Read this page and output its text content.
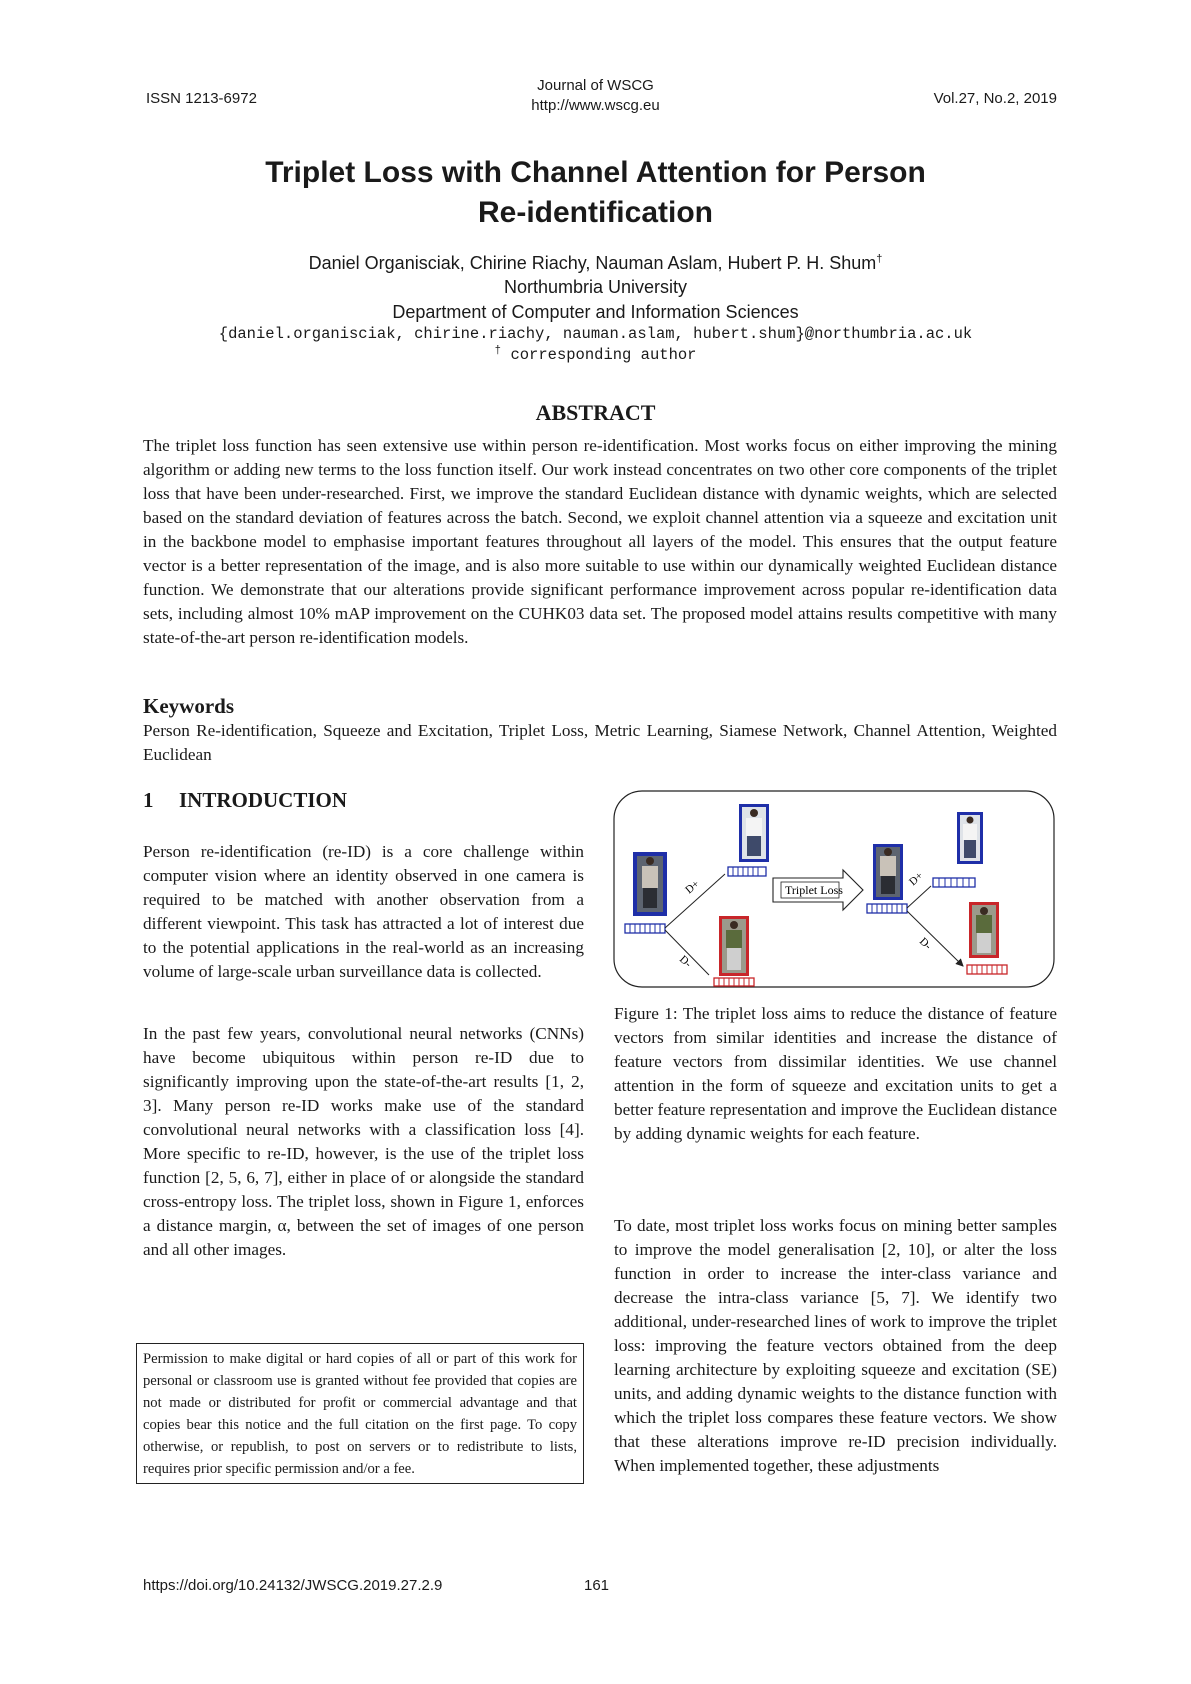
ISSN 1213-6972
Journal of WSCG
http://www.wscg.eu	Vol.27, No.2, 2019
Triplet Loss with Channel Attention for Person
Re-identification
Daniel Organisciak, Chirine Riachy, Nauman Aslam, Hubert P. H. Shum†
Northumbria University
Department of Computer and Information Sciences
{daniel.organisciak, chirine.riachy, nauman.aslam, hubert.shum}@northumbria.ac.uk
† corresponding author
ABSTRACT

The triplet loss function has seen extensive use within person re-identification. Most works focus on either improving the mining algorithm or adding new terms to the loss function itself. Our work instead concentrates on two other core components of the triplet loss that have been under-researched. First, we improve the standard Euclidean distance with dynamic weights, which are selected based on the standard deviation of features across the batch. Second, we exploit channel attention via a squeeze and excitation unit in the backbone model to emphasise important features throughout all layers of the model. This ensures that the output feature vector is a better representation of the image, and is also more suitable to use within our dynamically weighted Euclidean distance function. We demonstrate that our alterations provide significant performance improvement across popular re-identification data sets, including almost 10% mAP improvement on the CUHK03 data set. The proposed model attains results competitive with many state-of-the-art person re-identification models.

Keywords

Person Re-identification, Squeeze and Excitation, Triplet Loss, Metric Learning, Siamese Network, Channel Attention, Weighted Euclidean

1 INTRODUCTION

Person re-identification (re-ID) is a core challenge within computer vision where an identity observed in one camera is required to be matched with another observation from a different viewpoint. This task has attracted a lot of interest due to the potential applications in the real-world as an increasing volume of large-scale urban surveillance data is collected.

In the past few years, convolutional neural networks (CNNs) have become ubiquitous within person re-ID due to significantly improving upon the state-of-the-art results [1, 2, 3]. Many person re-ID works make use of the standard convolutional neural networks with a classification loss [4]. More specific to re-ID, however, is the use of the triplet loss function [2, 5, 6, 7], either in place of or alongside the standard cross-entropy loss. The triplet loss, shown in Figure 1, enforces a distance margin, α, between the set of images of one person and all other images.

Permission to make digital or hard copies of all or part of this work for personal or classroom use is granted without fee provided that copies are not made or distributed for profit or commercial advantage and that copies bear this notice and the full citation on the first page. To copy otherwise, or republish, to post on servers or to redistribute to lists, requires prior specific permission and/or a fee.
D+
D-
Triplet Loss
D+
D-

Figure 1: The triplet loss aims to reduce the distance of feature vectors from similar identities and increase the distance of feature vectors from dissimilar identities. We use channel attention in the form of squeeze and excitation units to get a better feature representation and improve the Euclidean distance by adding dynamic weights for each feature.

To date, most triplet loss works focus on mining better samples to improve the model generalisation [2, 10], or alter the loss function in order to increase the inter-class variance and decrease the intra-class variance [5, 7]. We identify two additional, under-researched lines of work to improve the triplet loss: improving the feature vectors obtained from the deep learning architecture by exploiting squeeze and excitation (SE) units, and adding dynamic weights to the distance function with which the triplet loss compares these feature vectors. We show that these alterations improve re-ID precision individually. When implemented together, these adjustments

https://doi.org/10.24132/JWSCG.2019.27.2.9	161
